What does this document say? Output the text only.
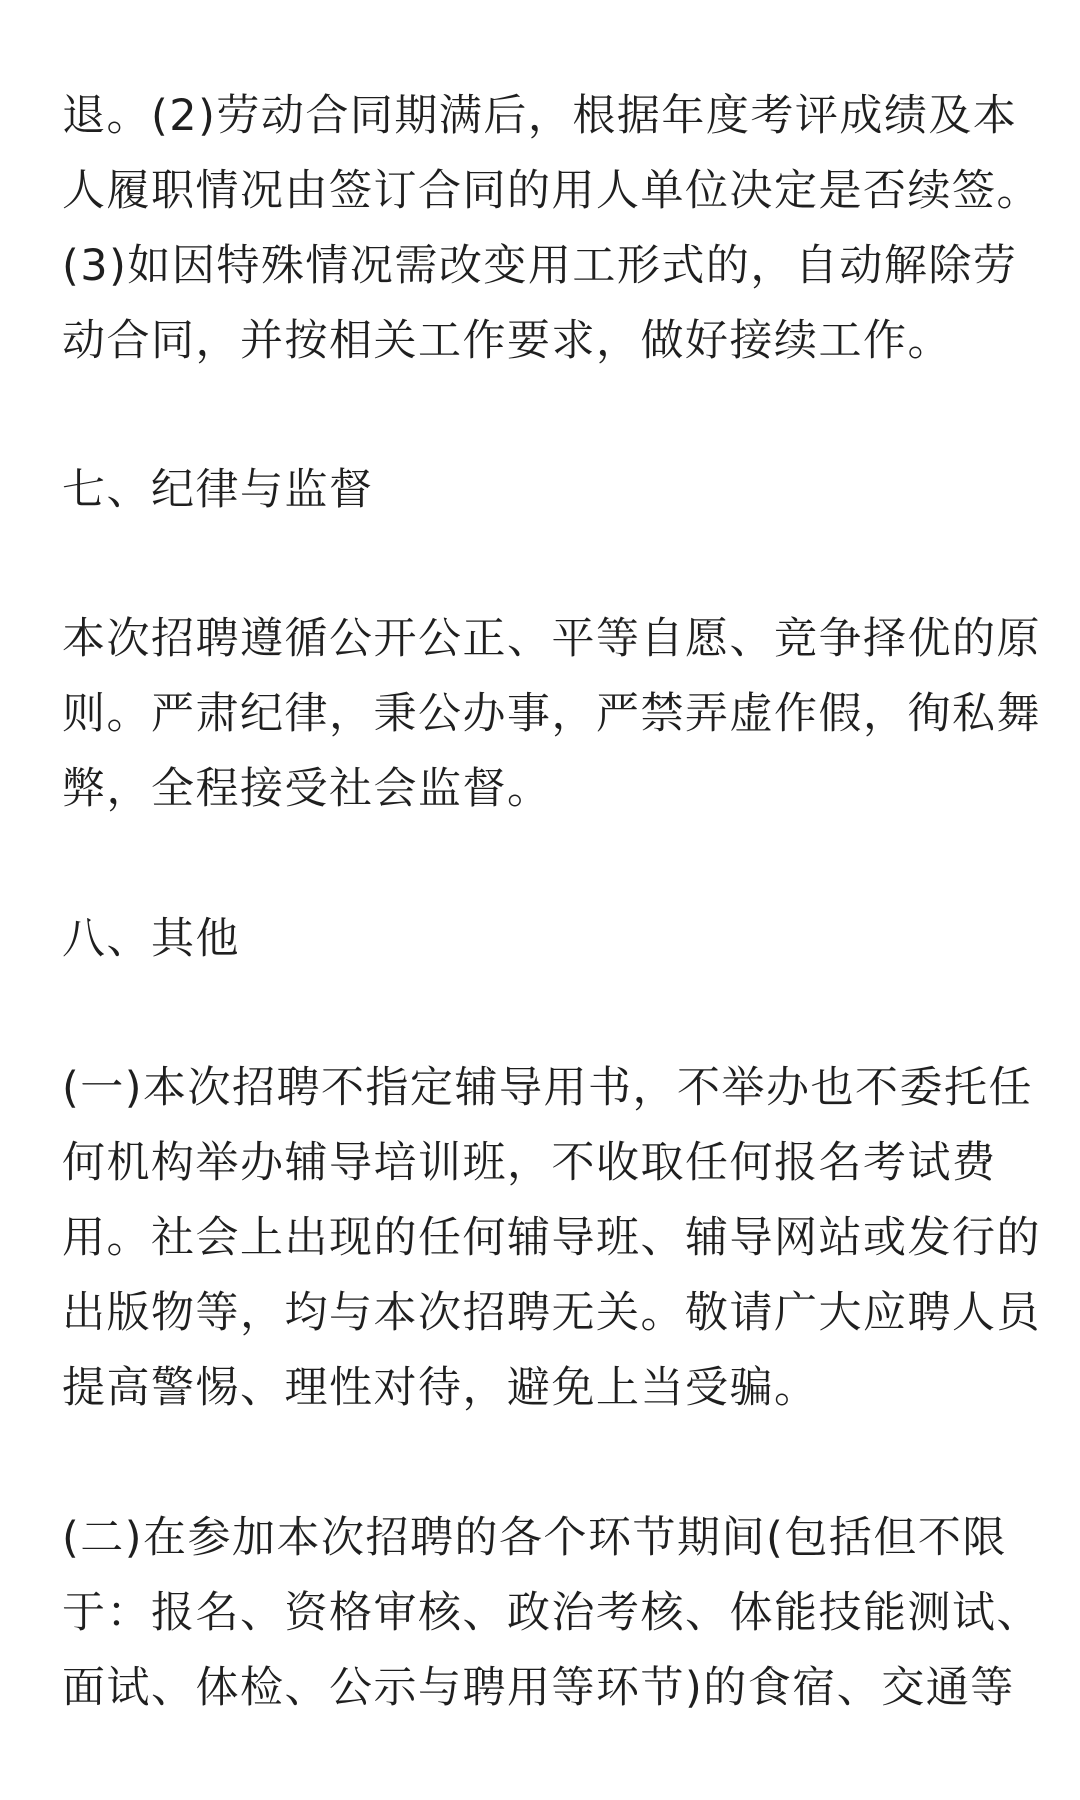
退。(2)劳动合同期满后，根据年度考评成绩及本
人履职情况由签订合同的用人单位决定是否续签。
(3)如因特殊情况需改变用工形式的，自动解除劳
动合同，并按相关工作要求，做好接续工作。
七、纪律与监督
本次招聘遵循公开公正、平等自愿、竞争择优的原
则。严肃纪律，秉公办事，严禁弄虚作假，徇私舞
弊，全程接受社会监督。
八、其他
(一)本次招聘不指定辅导用书，不举办也不委托任
何机构举办辅导培训班，不收取任何报名考试费
用。社会上出现的任何辅导班、辅导网站或发行的
出版物等，均与本次招聘无关。敬请广大应聘人员
提高警惕、理性对待，避免上当受骗。
(二)在参加本次招聘的各个环节期间(包括但不限
于：报名、资格审核、政治考核、体能技能测试、
面试、体检、公示与聘用等环节)的食宿、交通等
